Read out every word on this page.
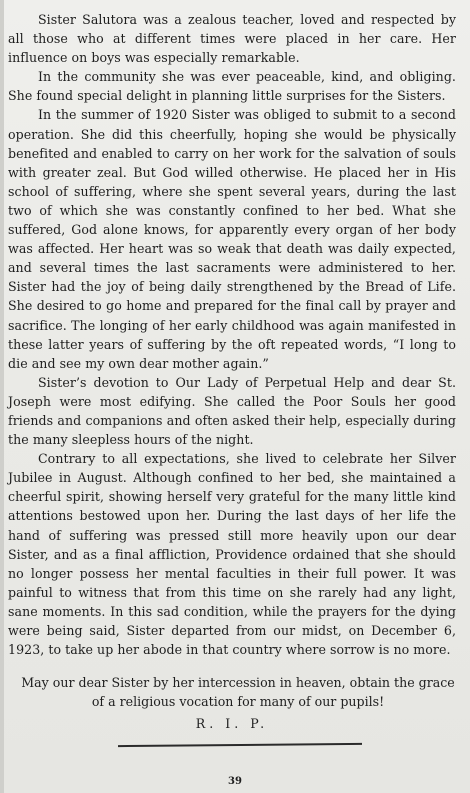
Sister Salutora was a zealous teacher, loved and respected by all those who at different times were placed in her care. Her influence on boys was especially remarkable.

In the community she was ever peaceable, kind, and obliging. She found special delight in planning little surprises for the Sisters.

In the summer of 1920 Sister was obliged to submit to a second operation. She did this cheerfully, hoping she would be physically benefited and enabled to carry on her work for the salvation of souls with greater zeal. But God willed otherwise. He placed her in His school of suffering, where she spent several years, during the last two of which she was constantly confined to her bed. What she suffered, God alone knows, for apparently every organ of her body was affected. Her heart was so weak that death was daily expected, and several times the last sacraments were administered to her. Sister had the joy of being daily strengthened by the Bread of Life. She desired to go home and prepared for the final call by prayer and sacrifice. The longing of her early childhood was again manifested in these latter years of suffering by the oft repeated words, “I long to die and see my own dear mother again.”

Sister’s devotion to Our Lady of Perpetual Help and dear St. Joseph were most edifying. She called the Poor Souls her good friends and companions and often asked their help, especially during the many sleepless hours of the night.

Contrary to all expectations, she lived to celebrate her Silver Jubilee in August. Although confined to her bed, she maintained a cheerful spirit, showing herself very grateful for the many little kind attentions bestowed upon her. During the last days of her life the hand of suffering was pressed still more heavily upon our dear Sister, and as a final affliction, Providence ordained that she should no longer possess her mental faculties in their full power. It was painful to witness that from this time on she rarely had any light, sane moments. In this sad condition, while the prayers for the dying were being said, Sister departed from our midst, on December 6, 1923, to take up her abode in that country where sorrow is no more.

May our dear Sister by her intercession in heaven, obtain the grace of a religious vocation for many of our pupils!

R. I. P.

39
